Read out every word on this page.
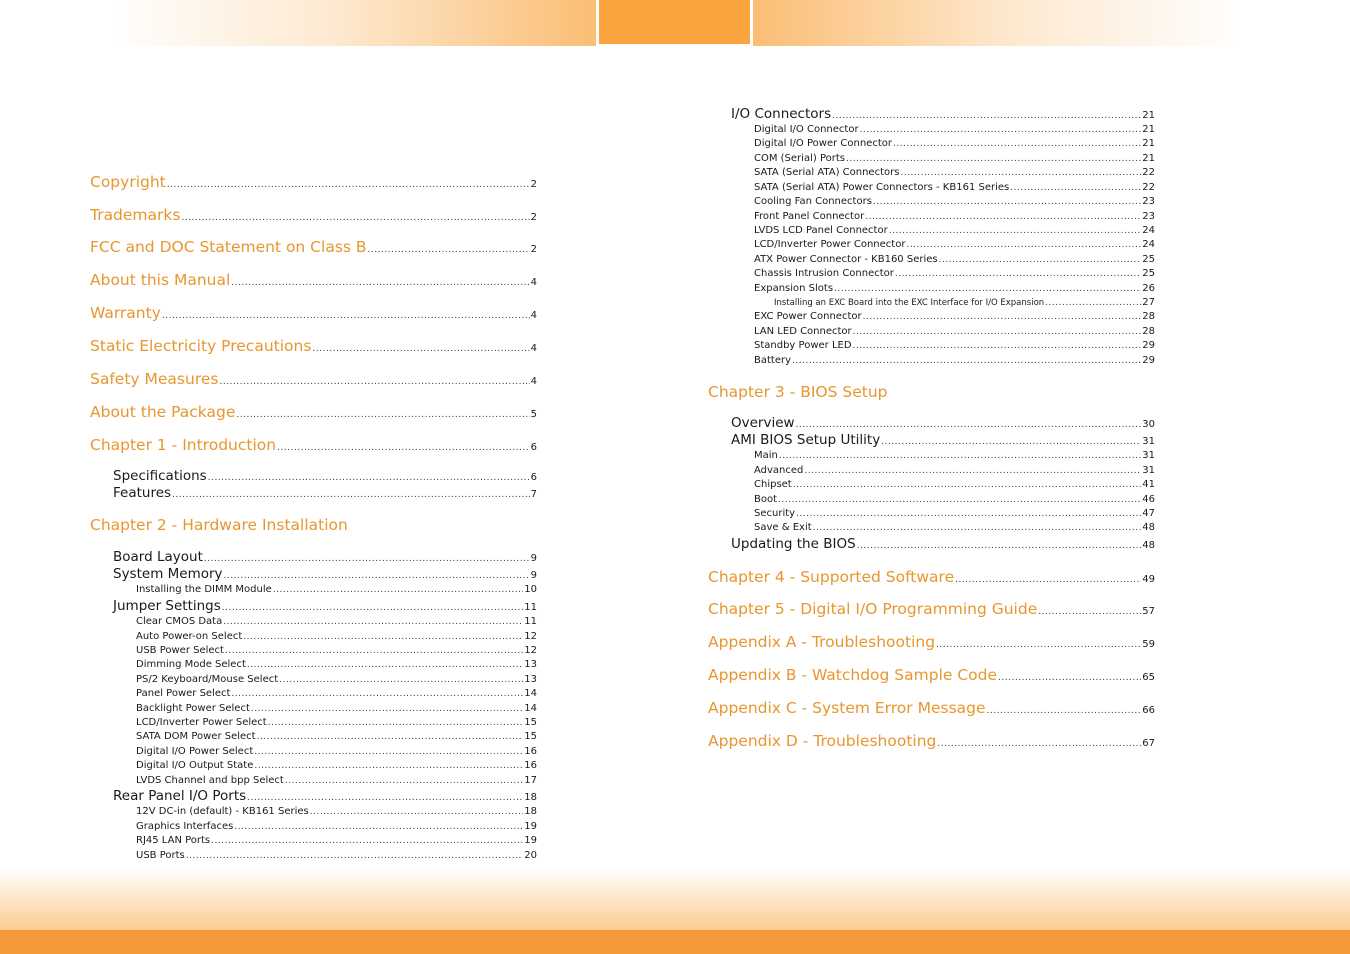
Copyright .....	2
Trademarks .....	2
FCC and DOC Statement on Class B .....	2
About this Manual .....	4
Warranty .....	4
Static Electricity Precautions .....	4
Safety Measures .....	4
About the Package .....	5
Chapter 1 - Introduction .....	6
Specifications .....	6
Features .....	7
Chapter 2 - Hardware Installation
Board Layout .....	9
System Memory .....	9
Installing the DIMM Module .....	10
Jumper Settings .....	11
Clear CMOS Data .....	11
Auto Power-on Select .....	12
USB Power Select .....	12
Dimming Mode Select .....	13
PS/2 Keyboard/Mouse Select .....	13
Panel Power Select .....	14
Backlight Power Select .....	14
LCD/Inverter Power Select .....	15
SATA DOM Power Select .....	15
Digital I/O Power Select .....	16
Digital I/O Output State .....	16
LVDS Channel and bpp Select .....	17
Rear Panel I/O Ports .....	18
12V DC-in (default) - KB161 Series .....	18
Graphics Interfaces .....	19
RJ45 LAN Ports .....	19
USB Ports .....	20
I/O Connectors .....	21
Digital I/O Connector .....	21
Digital I/O Power Connector .....	21
COM (Serial) Ports .....	21
SATA (Serial ATA) Connectors .....	22
SATA (Serial ATA) Power Connectors - KB161 Series .....	22
Cooling Fan Connectors .....	23
Front Panel Connector .....	23
LVDS LCD Panel Connector .....	24
LCD/Inverter Power Connector .....	24
ATX Power Connector - KB160 Series .....	25
Chassis Intrusion Connector .....	25
Expansion Slots .....	26
Installing an EXC Board into the EXC Interface for I/O Expansion .....	27
EXC Power Connector .....	28
LAN LED Connector .....	28
Standby Power LED .....	29
Battery .....	29
Chapter 3 - BIOS Setup
Overview .....	30
AMI BIOS Setup Utility .....	31
Main .....	31
Advanced .....	31
Chipset .....	41
Boot .....	46
Security .....	47
Save & Exit .....	48
Updating the BIOS .....	48
Chapter 4 - Supported Software .....	49
Chapter 5 - Digital I/O Programming Guide .....	57
Appendix A - Troubleshooting .....	59
Appendix B - Watchdog Sample Code .....	65
Appendix C - System Error Message .....	66
Appendix D - Troubleshooting .....	67
